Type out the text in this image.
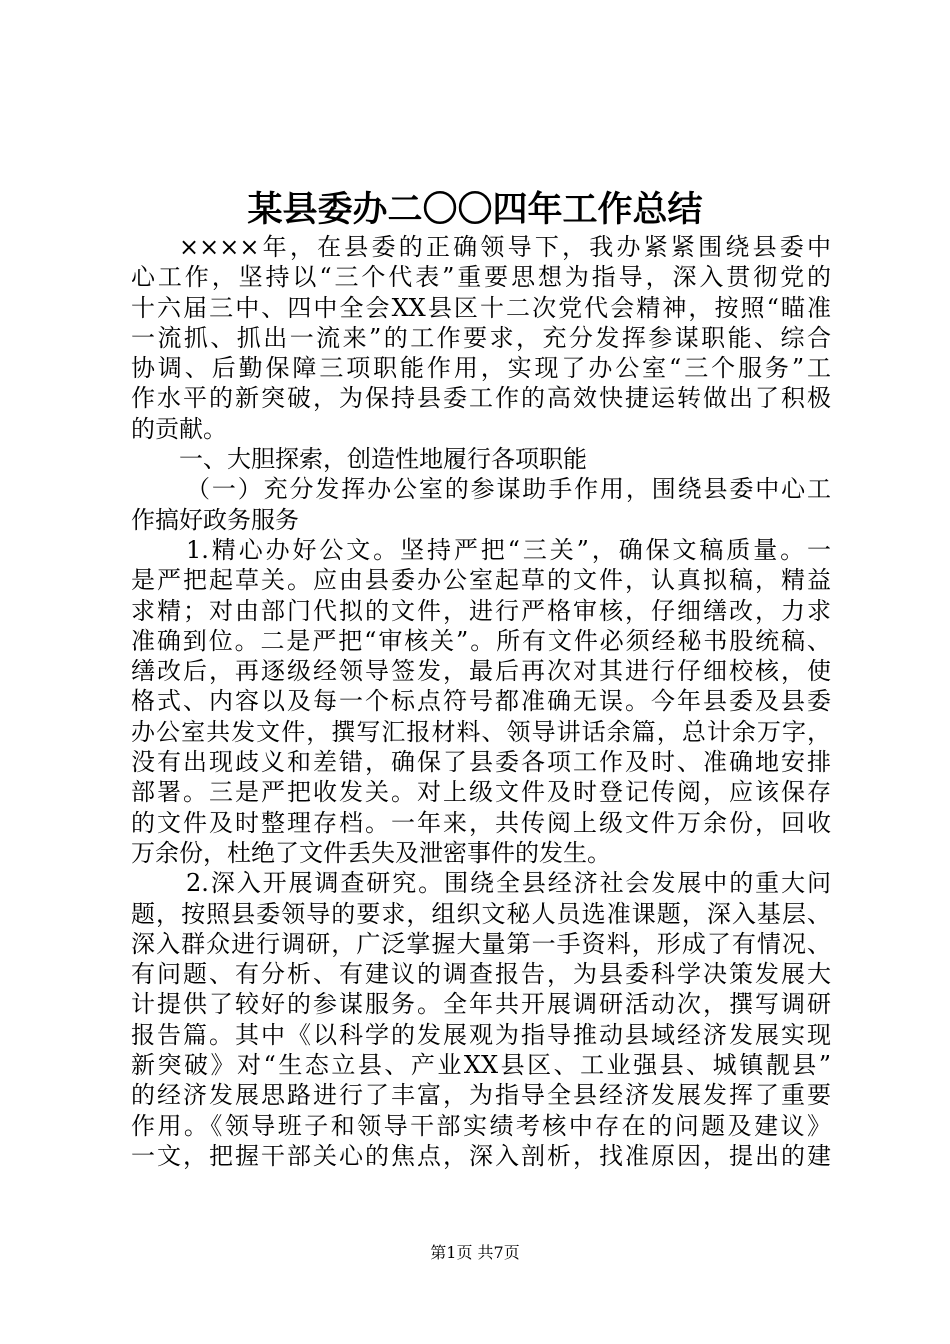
某县委办二〇〇四年工作总结
××××年，在县委的正确领导下，我办紧紧围绕县委中
心工作，坚持以“三个代表”重要思想为指导，深入贯彻党的
十六届三中、四中全会XX县区十二次党代会精神，按照“瞄准
一流抓、抓出一流来”的工作要求，充分发挥参谋职能、综合
协调、后勤保障三项职能作用，实现了办公室“三个服务”工
作水平的新突破，为保持县委工作的高效快捷运转做出了积极
的贡献。
一、大胆探索，创造性地履行各项职能
（一）充分发挥办公室的参谋助手作用，围绕县委中心工
作搞好政务服务
1.精心办好公文。坚持严把“三关”，确保文稿质量。一
是严把起草关。应由县委办公室起草的文件，认真拟稿，精益
求精；对由部门代拟的文件，进行严格审核，仔细缮改，力求
准确到位。二是严把“审核关”。所有文件必须经秘书股统稿、
缮改后，再逐级经领导签发，最后再次对其进行仔细校核，使
格式、内容以及每一个标点符号都准确无误。今年县委及县委
办公室共发文件，撰写汇报材料、领导讲话余篇，总计余万字，
没有出现歧义和差错，确保了县委各项工作及时、准确地安排
部署。三是严把收发关。对上级文件及时登记传阅，应该保存
的文件及时整理存档。一年来，共传阅上级文件万余份，回收
万余份，杜绝了文件丢失及泄密事件的发生。
2.深入开展调查研究。围绕全县经济社会发展中的重大问
题，按照县委领导的要求，组织文秘人员选准课题，深入基层、
深入群众进行调研，广泛掌握大量第一手资料，形成了有情况、
有问题、有分析、有建议的调查报告，为县委科学决策发展大
计提供了较好的参谋服务。全年共开展调研活动次，撰写调研
报告篇。其中《以科学的发展观为指导推动县域经济发展实现
新突破》对“生态立县、产业XX县区、工业强县、城镇靓县”
的经济发展思路进行了丰富，为指导全县经济发展发挥了重要
作用。《领导班子和领导干部实绩考核中存在的问题及建议》
一文，把握干部关心的焦点，深入剖析，找准原因，提出的建
第1页 共7页
